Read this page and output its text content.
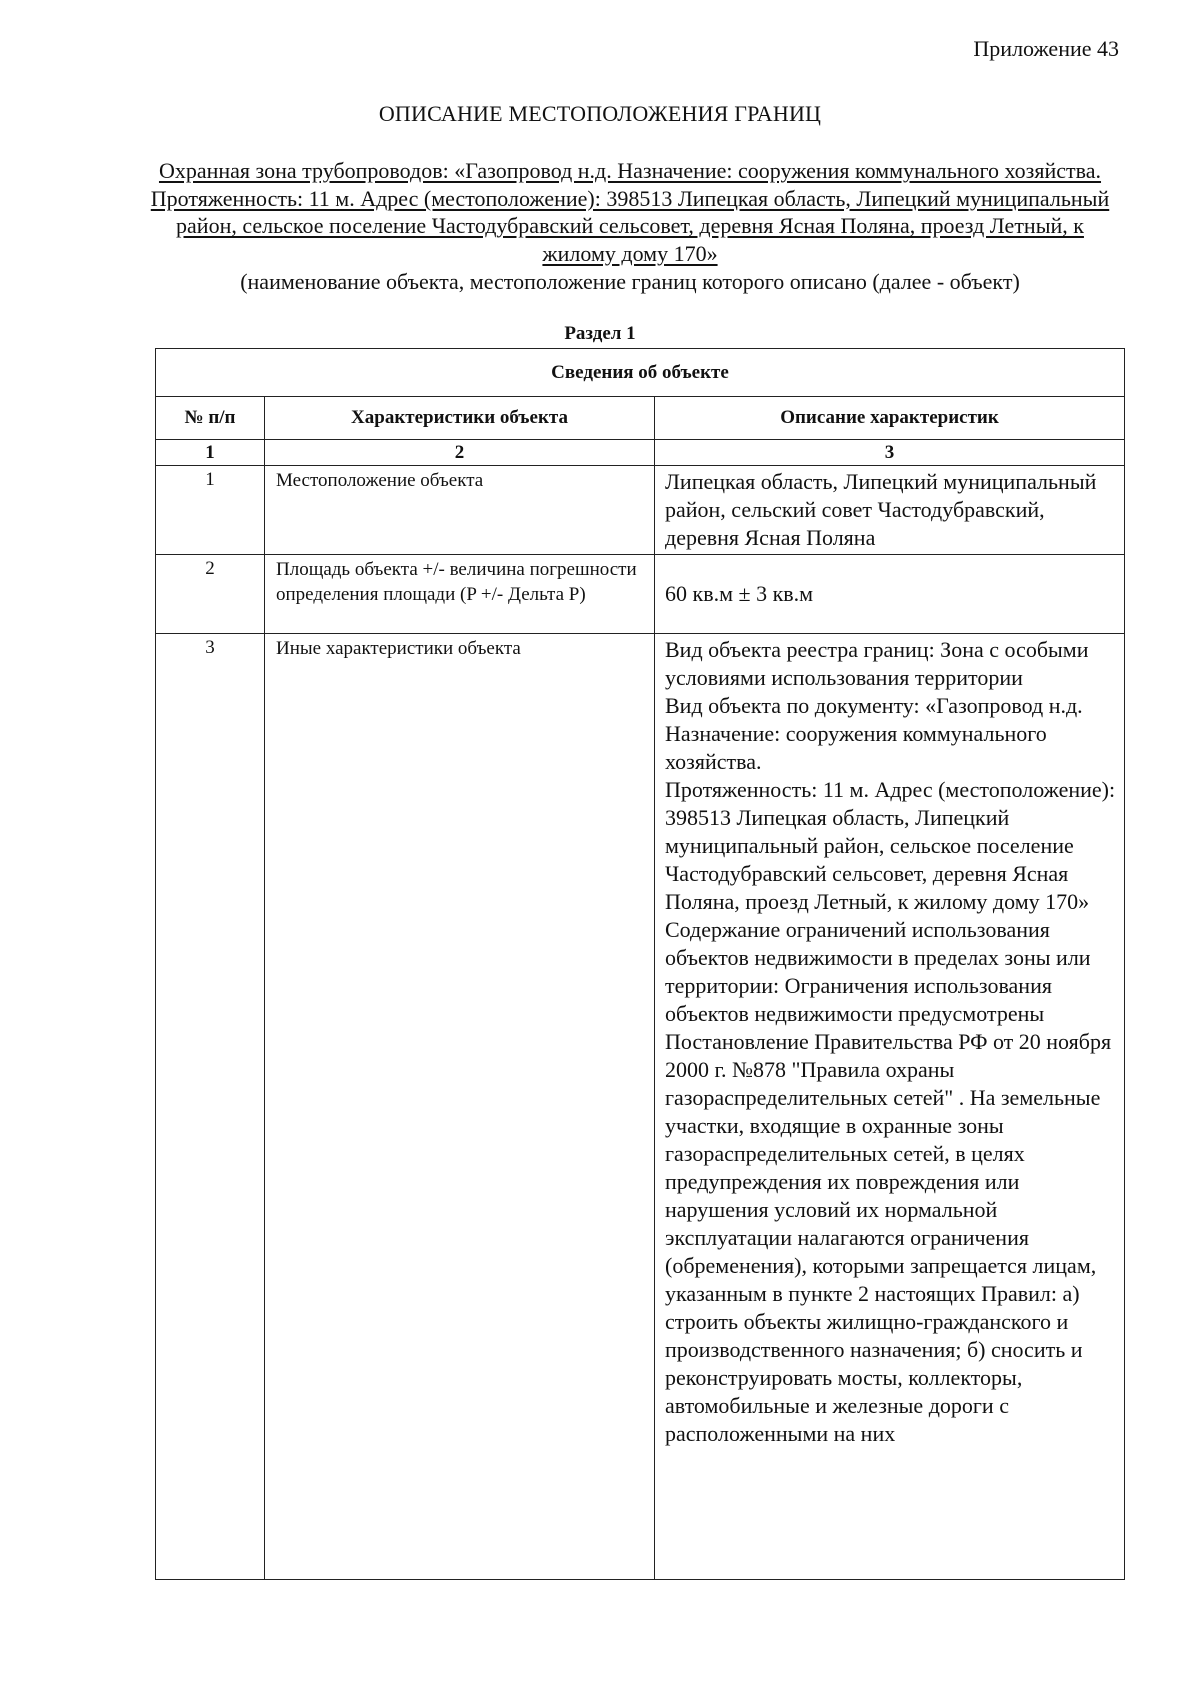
Приложение 43
ОПИСАНИЕ МЕСТОПОЛОЖЕНИЯ ГРАНИЦ
Охранная зона трубопроводов: «Газопровод н.д. Назначение: сооружения коммунального хозяйства. Протяженность: 11 м. Адрес (местоположение): 398513 Липецкая область, Липецкий муниципальный район, сельское поселение Частодубравский сельсовет, деревня Ясная Поляна, проезд Летный, к жилому дому 170»
(наименование объекта, местоположение границ которого описано (далее - объект)
Раздел 1
Сведения об объекте		
№ п/п	Характеристики объекта	Описание характеристик
1	2	3
1	Местоположение объекта	Липецкая область, Липецкий муниципальный район, сельский совет Частодубравский, деревня Ясная Поляна
2	Площадь объекта +/- величина погрешности определения площади (P +/- Дельта P)	60 кв.м ± 3 кв.м
3	Иные характеристики объекта	Вид объекта реестра границ: Зона с особыми условиями использования территории
Вид объекта по документу: «Газопровод н.д. Назначение: сооружения коммунального хозяйства.
Протяженность: 11 м. Адрес (местоположение): 398513 Липецкая область, Липецкий муниципальный район, сельское поселение Частодубравский сельсовет, деревня Ясная Поляна, проезд Летный, к жилому дому 170»
Содержание ограничений использования объектов недвижимости в пределах зоны или территории: Ограничения использования объектов недвижимости предусмотрены Постановление Правительства РФ от 20 ноября 2000 г. №878 "Правила охраны газораспределительных сетей" . На земельные участки, входящие в охранные зоны газораспределительных сетей, в целях предупреждения их повреждения или нарушения условий их нормальной эксплуатации налагаются ограничения (обременения), которыми запрещается лицам, указанным в пункте 2 настоящих Правил: а) строить объекты жилищно-гражданского и производственного назначения; б) сносить и реконструировать мосты, коллекторы, автомобильные и железные дороги с расположенными на них
